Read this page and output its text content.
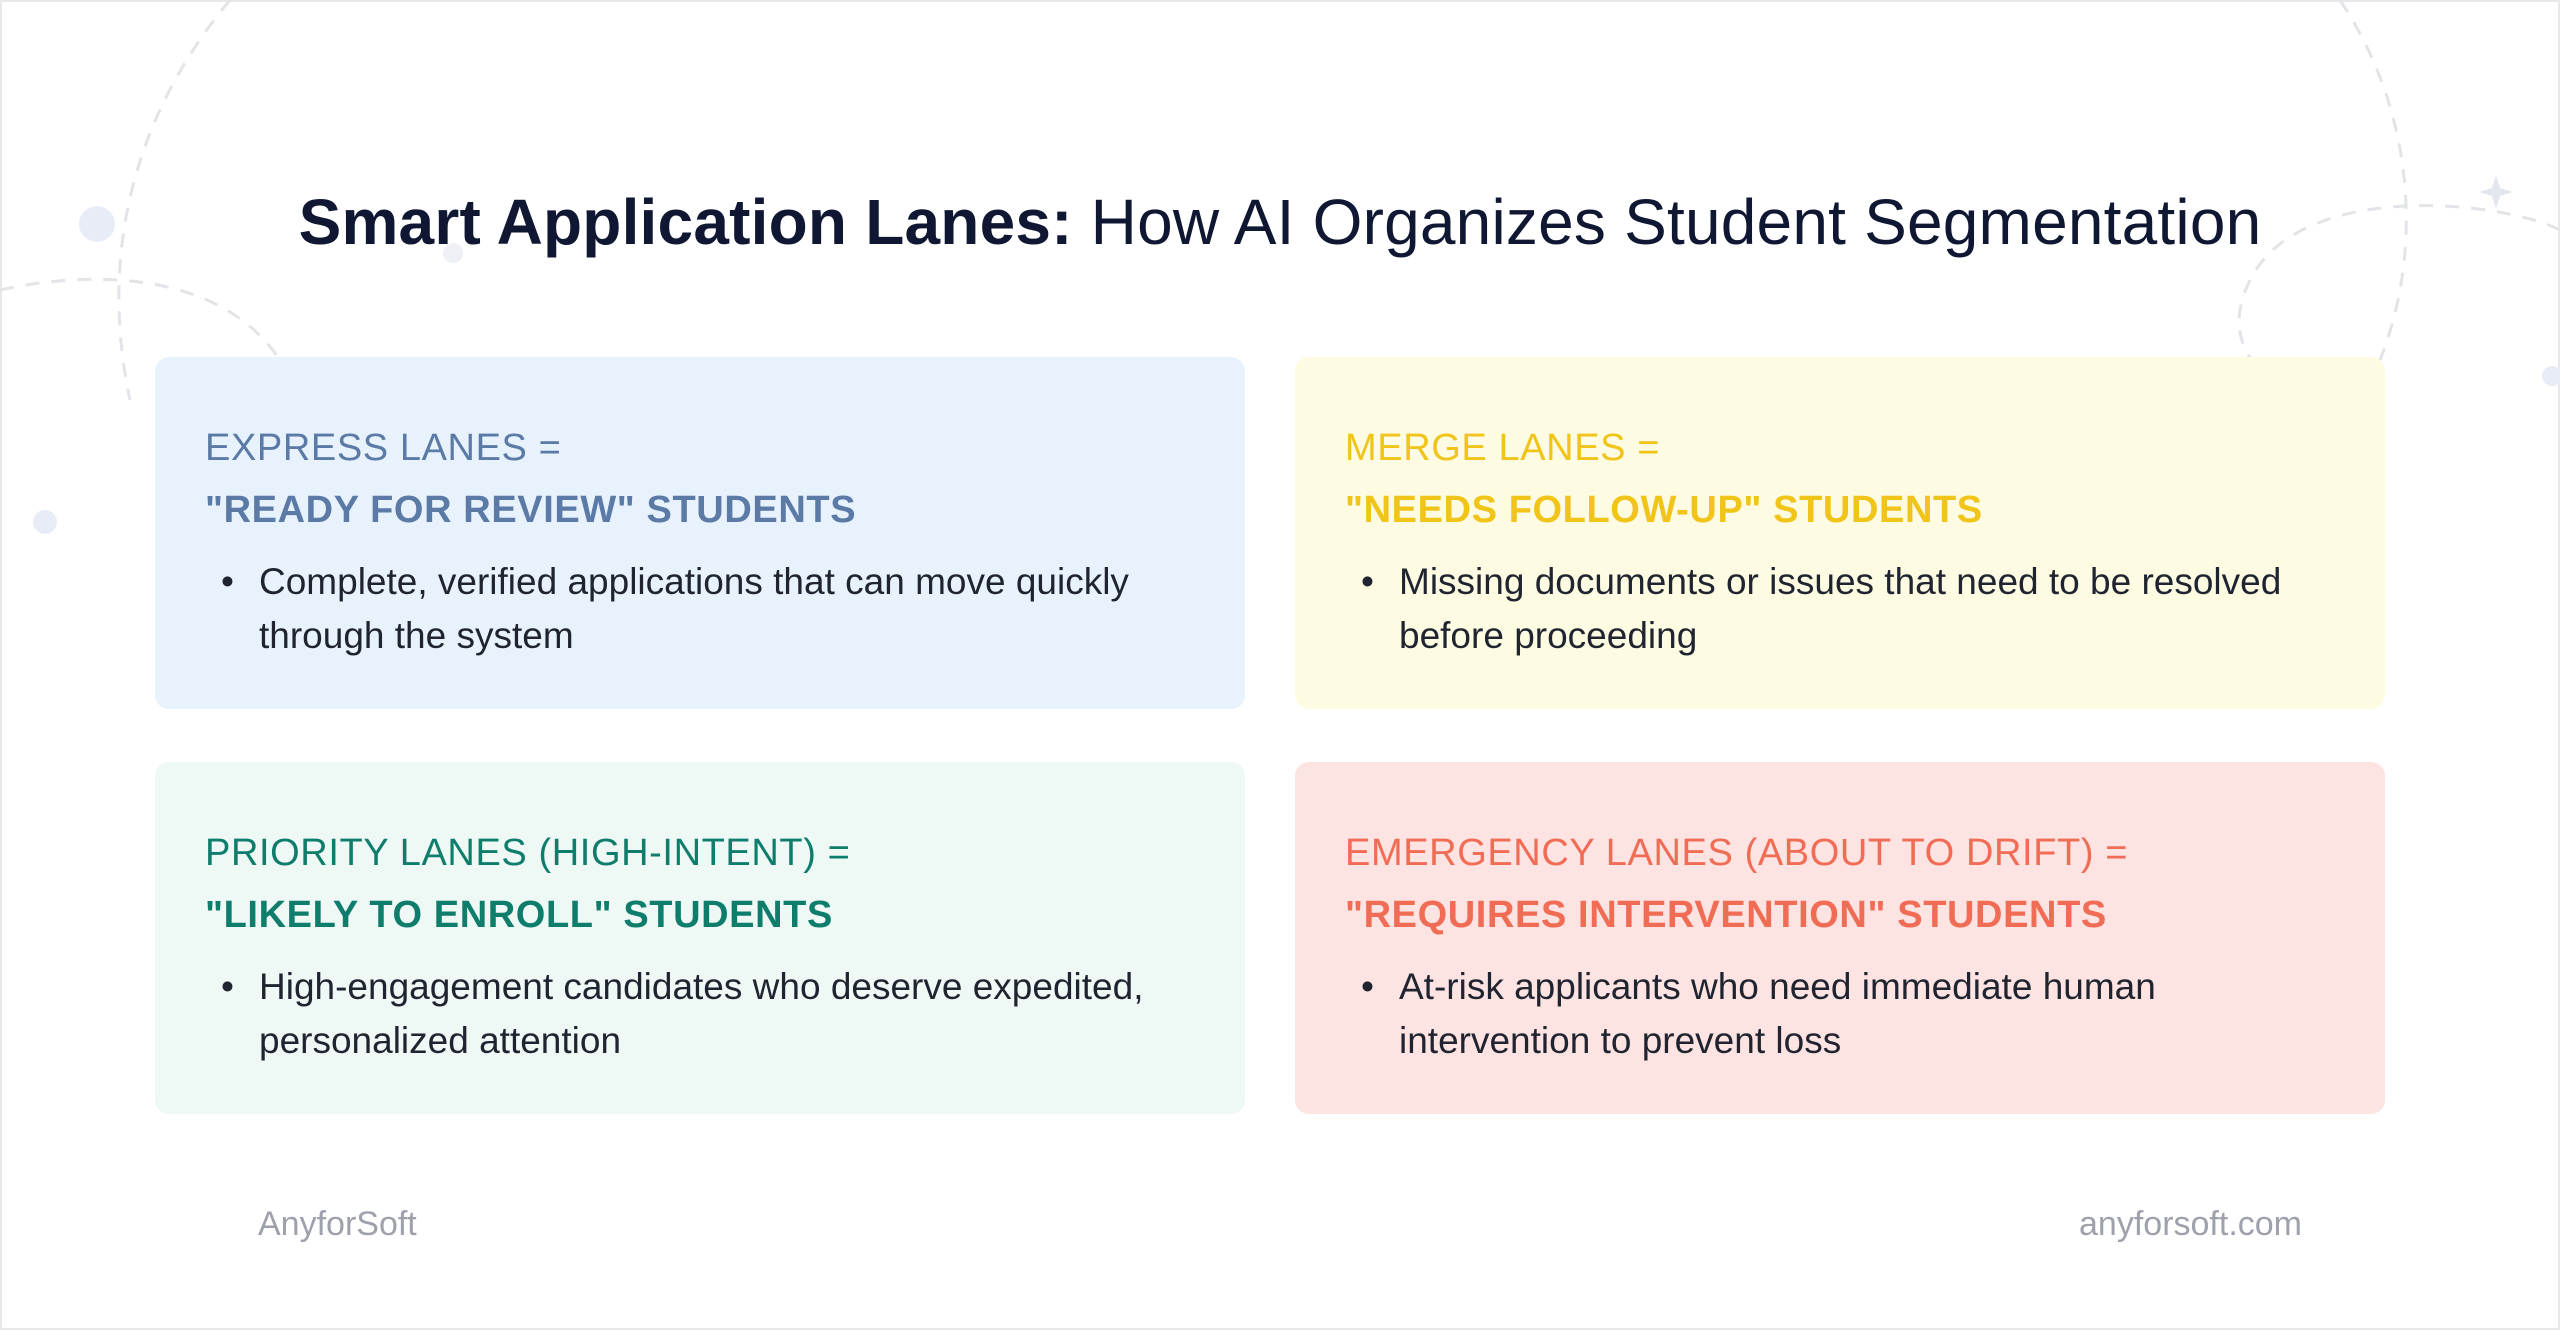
Smart Application Lanes: How AI Organizes Student Segmentation
EXPRESS LANES =
"READY FOR REVIEW" STUDENTS
• Complete, verified applications that can move quickly through the system
MERGE LANES =
"NEEDS FOLLOW-UP" STUDENTS
• Missing documents or issues that need to be resolved before proceeding
PRIORITY LANES (HIGH-INTENT) =
"LIKELY TO ENROLL" STUDENTS
• High-engagement candidates who deserve expedited, personalized attention
EMERGENCY LANES (ABOUT TO DRIFT) =
"REQUIRES INTERVENTION" STUDENTS
• At-risk applicants who need immediate human intervention to prevent loss
AnyforSoft	anyforsoft.com
